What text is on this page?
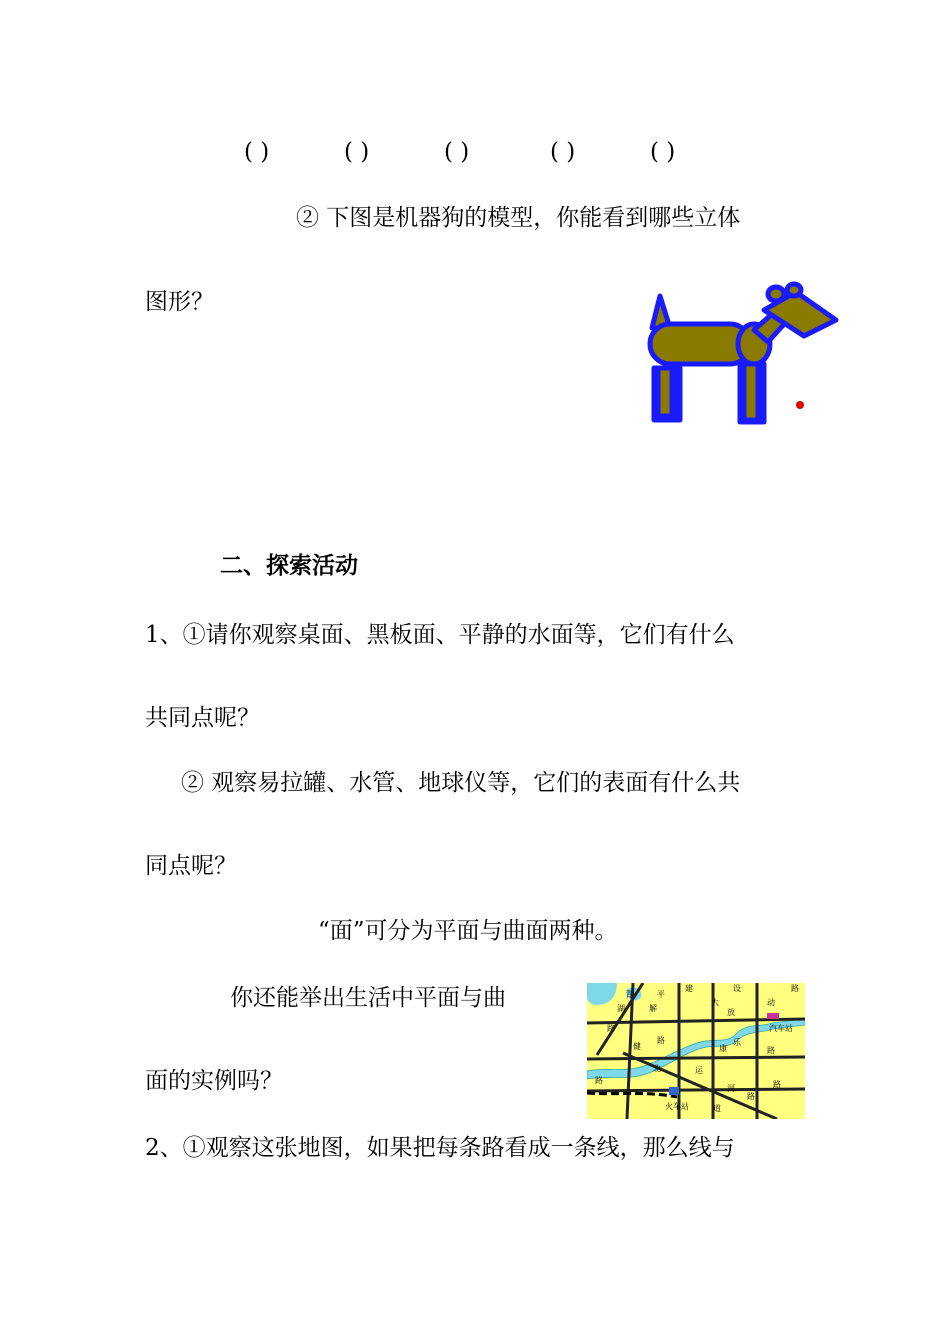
( )	( )	( )	( )	( )
② 下图是机器狗的模型，你能看到哪些立体
图形？
二、探索活动
1、①请你观察桌面、黑板面、平静的水面等，它们有什么
共同点呢？
② 观察易拉罐、水管、地球仪等，它们的表面有什么共
同点呢？
“面”可分为平面与曲面两种。
你还能举出生活中平面与曲
面的实例吗？
2、①观察这张地图，如果把每条路看成一条线，那么线与
青	平
建	设	路
湖	解
大
放
动
汽车站
路
健
路
康
乐
路
路
运
河
路
火车站	道
路
北
